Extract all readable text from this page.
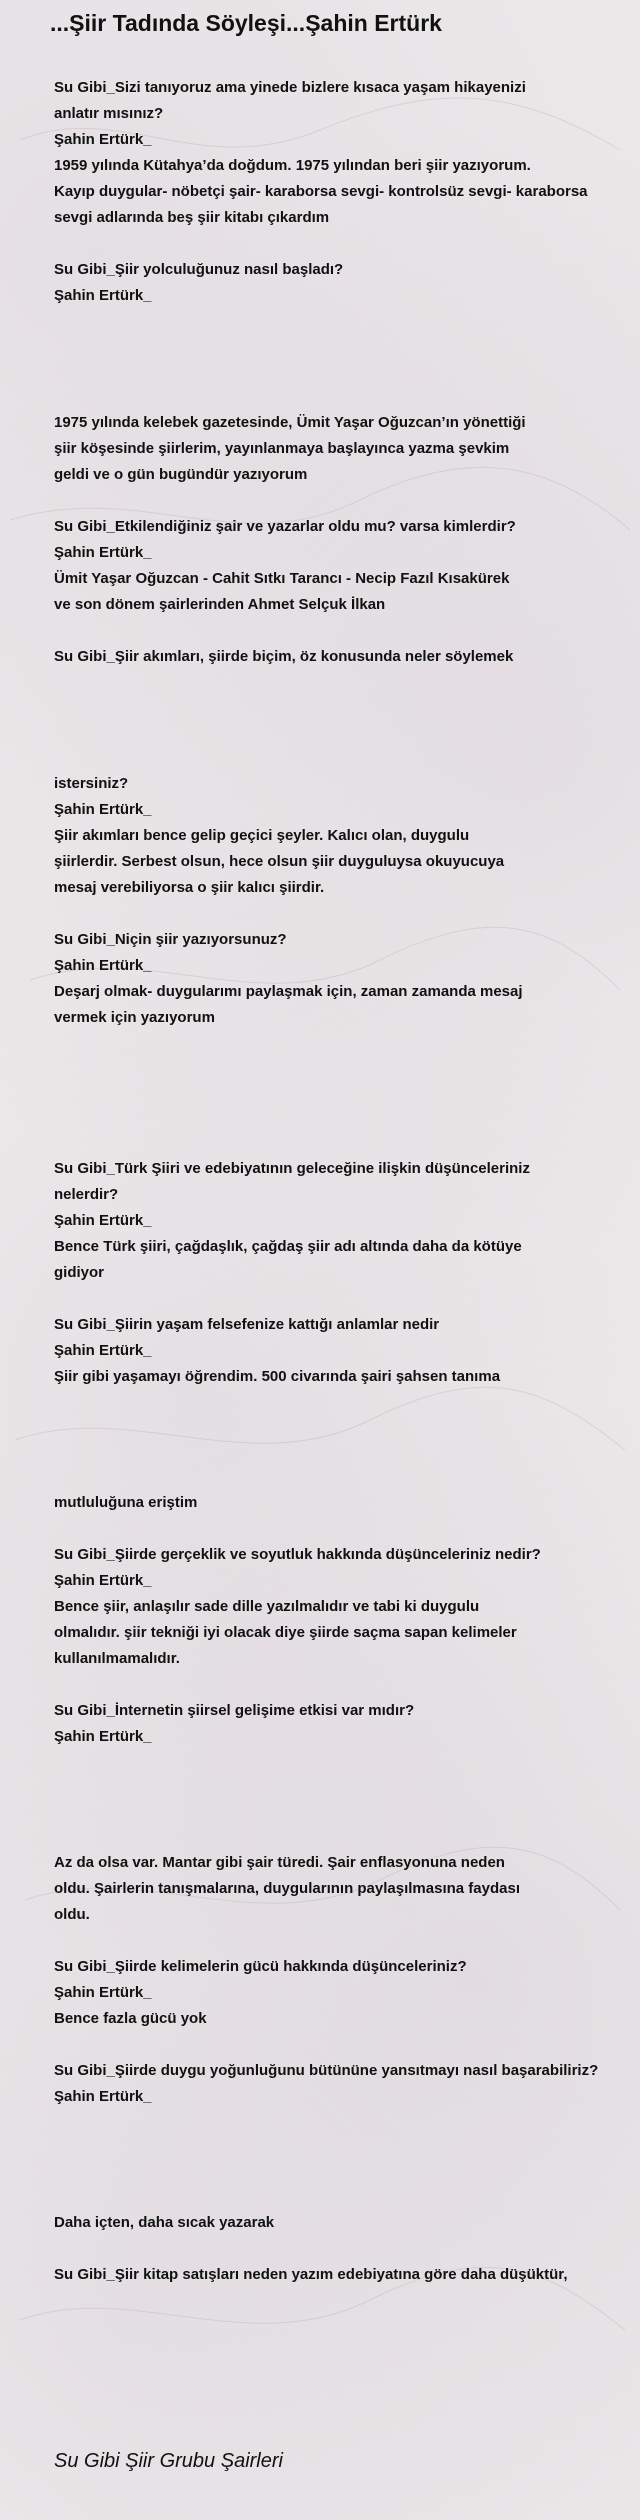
...Şiir Tadında Söyleşi...Şahin Ertürk
Su Gibi_Sizi tanıyoruz ama yinede bizlere kısaca yaşam hikayenizi
anlatır mısınız?
Şahin Ertürk_
1959 yılında Kütahya’da doğdum. 1975 yılından beri şiir yazıyorum.
Kayıp duygular- nöbetçi şair- karaborsa sevgi- kontrolsüz sevgi- karaborsa
sevgi adlarında beş şiir kitabı çıkardım
Su Gibi_Şiir yolculuğunuz nasıl başladı?
Şahin Ertürk_
1975 yılında kelebek gazetesinde, Ümit Yaşar Oğuzcan’ın yönettiği
şiir köşesinde şiirlerim, yayınlanmaya başlayınca yazma şevkim
geldi ve o gün bugündür yazıyorum
Su Gibi_Etkilendiğiniz şair ve yazarlar oldu mu? varsa kimlerdir?
Şahin Ertürk_
Ümit Yaşar Oğuzcan - Cahit Sıtkı Tarancı - Necip Fazıl Kısakürek
ve son dönem şairlerinden Ahmet Selçuk İlkan
Su Gibi_Şiir akımları, şiirde biçim, öz konusunda neler söylemek
istersiniz?
Şahin Ertürk_
Şiir akımları bence gelip geçici şeyler. Kalıcı olan, duygulu
şiirlerdir. Serbest olsun, hece olsun şiir duyguluysa okuyucuya
mesaj verebiliyorsa o şiir kalıcı şiirdir.
Su Gibi_Niçin şiir yazıyorsunuz?
Şahin Ertürk_
Deşarj olmak- duygularımı paylaşmak için, zaman zamanda mesaj
vermek için yazıyorum
Su Gibi_Türk Şiiri ve edebiyatının geleceğine ilişkin düşünceleriniz
nelerdir?
Şahin Ertürk_
Bence Türk şiiri, çağdaşlık, çağdaş şiir adı altında daha da kötüye
gidiyor
Su Gibi_Şiirin yaşam felsefenize kattığı anlamlar nedir
Şahin Ertürk_
Şiir gibi yaşamayı öğrendim. 500 civarında şairi şahsen tanıma
mutluluğuna eriştim
Su Gibi_Şiirde gerçeklik ve soyutluk hakkında düşünceleriniz nedir?
Şahin Ertürk_
Bence şiir, anlaşılır sade dille yazılmalıdır ve tabi ki duygulu
olmalıdır. şiir tekniği iyi olacak diye şiirde saçma sapan kelimeler
kullanılmamalıdır.
Su Gibi_İnternetin şiirsel gelişime etkisi var mıdır?
Şahin Ertürk_
Az da olsa var. Mantar gibi şair türedi. Şair enflasyonuna neden
oldu. Şairlerin tanışmalarına, duygularının paylaşılmasına faydası
oldu.
Su Gibi_Şiirde kelimelerin gücü hakkında düşünceleriniz?
Şahin Ertürk_
Bence fazla gücü yok
Su Gibi_Şiirde duygu yoğunluğunu bütününe yansıtmayı nasıl başarabiliriz?
Şahin Ertürk_
Daha içten, daha sıcak yazarak
Su Gibi_Şiir kitap satışları neden yazım edebiyatına göre daha düşüktür,
Su Gibi Şiir Grubu Şairleri
